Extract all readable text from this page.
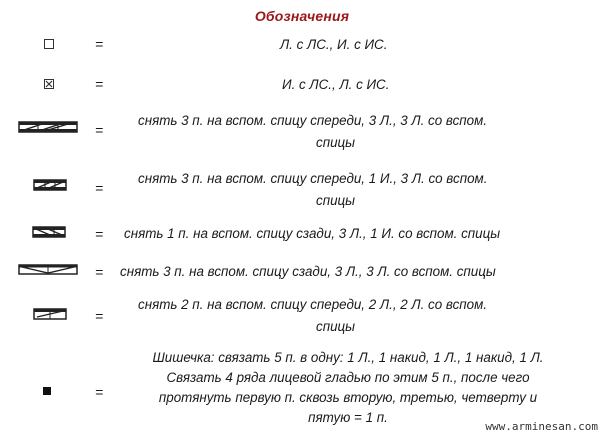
Обозначения
=	Л. с ЛС., И. с ИС.
=	И. с ЛС., Л. с ИС.
=
снять 3 п. на вспом. спицу спереди, 3 Л., 3 Л. со вспом.
спицы
=
снять 3 п. на вспом. спицу спереди, 1 И., 3 Л. со вспом.
спицы
= снять 1 п. на вспом. спицу сзади, 3 Л., 1 И. со вспом. спицы
= снять 3 п. на вспом. спицу сзади, 3 Л., 3 Л. со вспом. спицы
=
снять 2 п. на вспом. спицу спереди, 2 Л., 2 Л. со вспом.
спицы
=
Шишечка: связать 5 п. в одну: 1 Л., 1 накид, 1 Л., 1 накид, 1 Л.
Связать 4 ряда лицевой гладью по этим 5 п., после чего
протянуть первую п. сквозь вторую, третью, четверту и
пятую = 1 п.
www.arminesan.com
